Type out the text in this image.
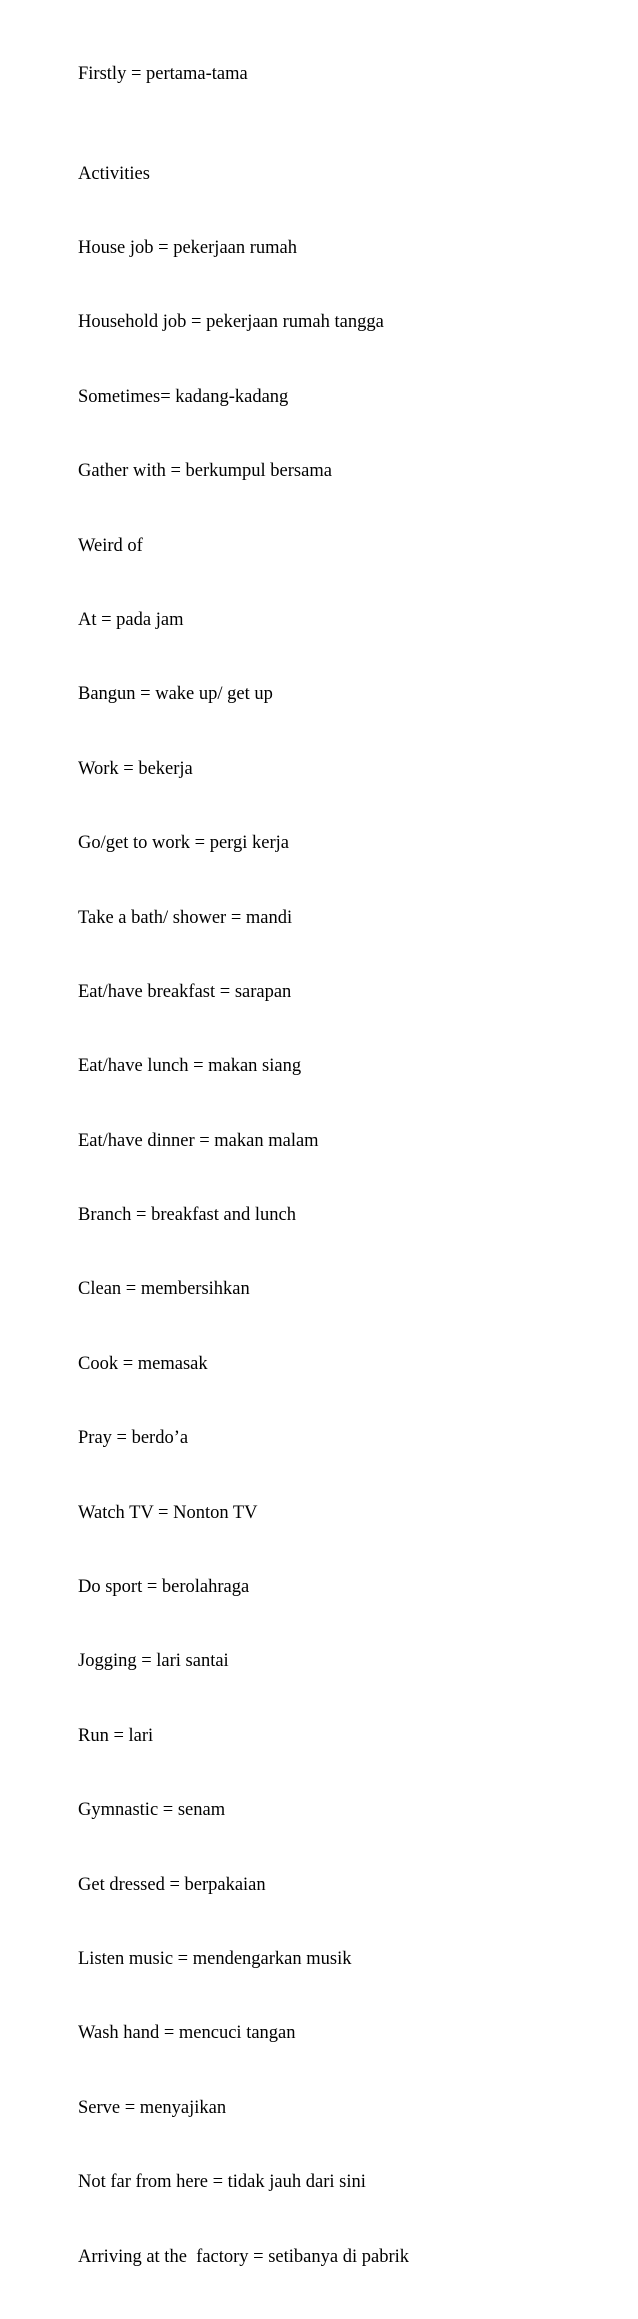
Firstly = pertama-tama

Activities

House job = pekerjaan rumah

Household job = pekerjaan rumah tangga

Sometimes= kadang-kadang

Gather with = berkumpul bersama

Weird of

At = pada jam

Bangun = wake up/ get up

Work = bekerja

Go/get to work = pergi kerja

Take a bath/ shower = mandi

Eat/have breakfast = sarapan

Eat/have lunch = makan siang

Eat/have dinner = makan malam

Branch = breakfast and lunch

Clean = membersihkan

Cook = memasak

Pray = berdo’a

Watch TV = Nonton TV

Do sport = berolahraga

Jogging = lari santai

Run = lari

Gymnastic = senam

Get dressed = berpakaian

Listen music = mendengarkan musik

Wash hand = mencuci tangan

Serve = menyajikan

Not far from here = tidak jauh dari sini

Arriving at the  factory = setibanya di pabrik
